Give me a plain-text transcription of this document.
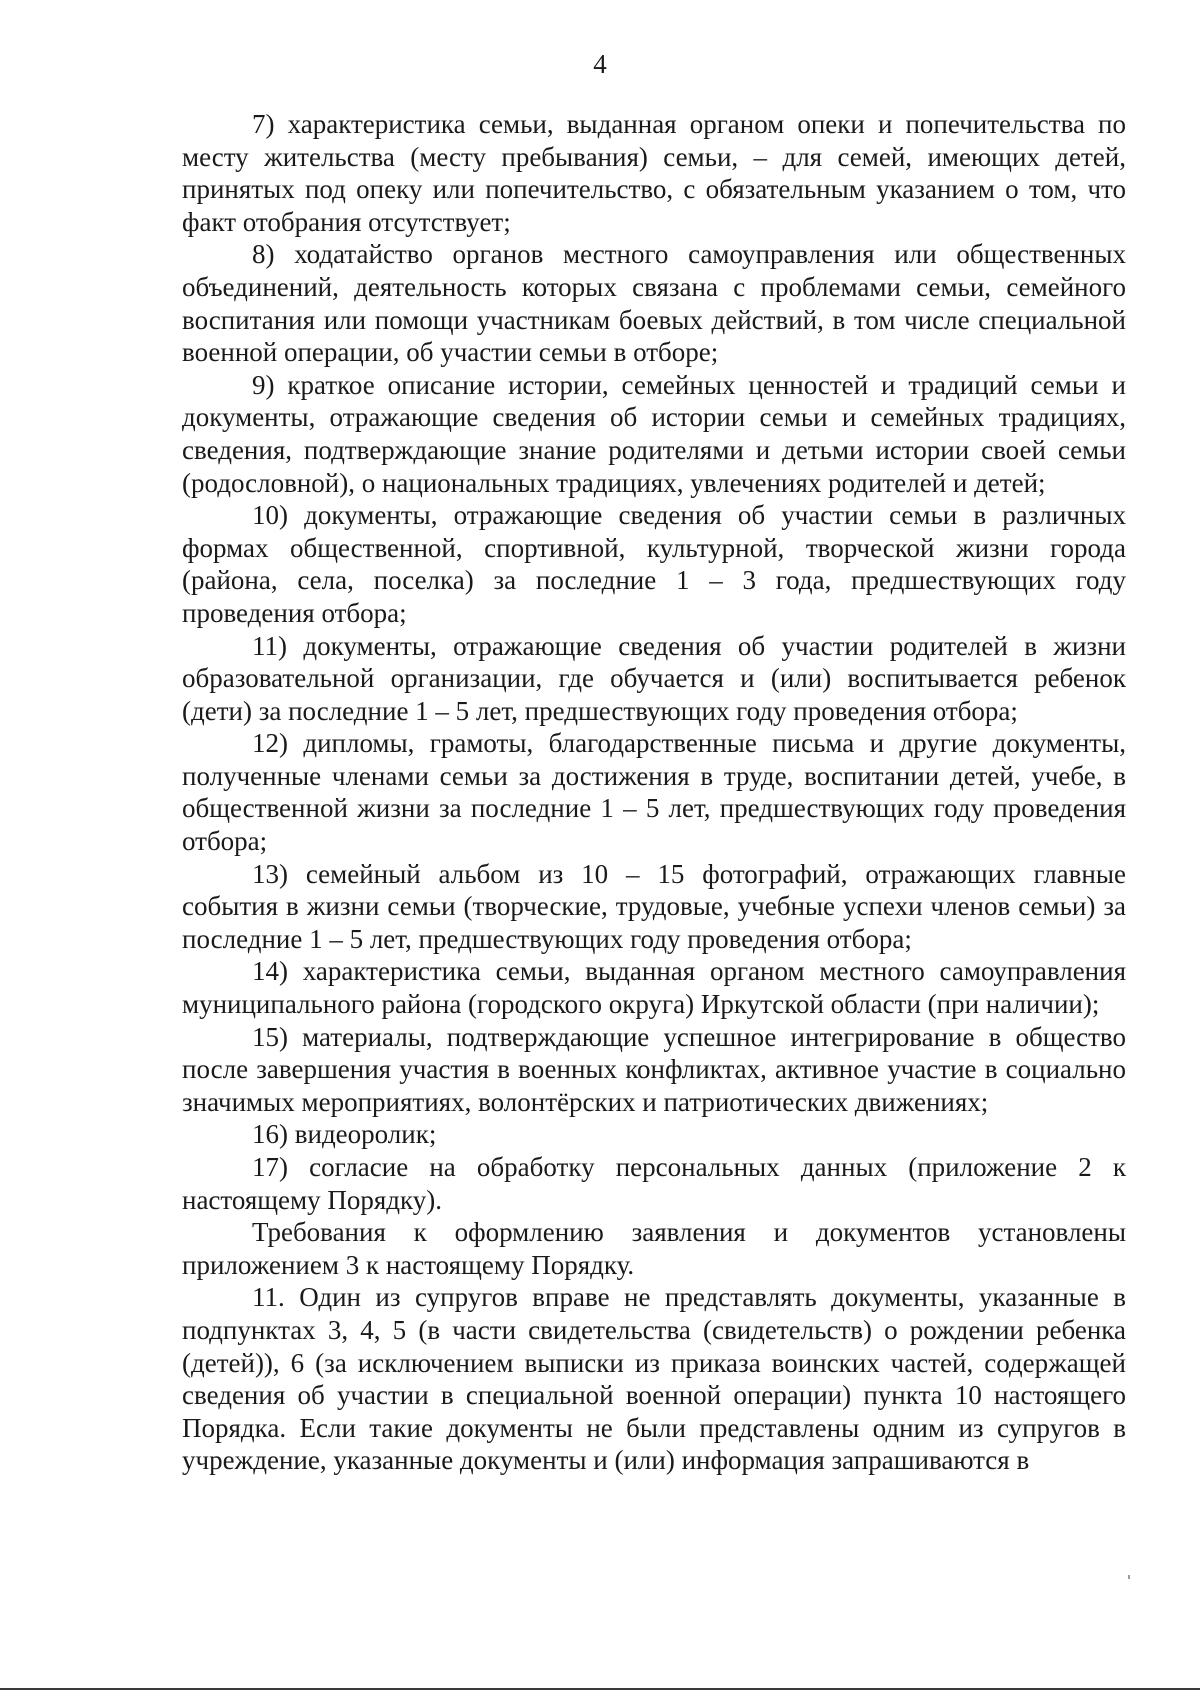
4

7) характеристика семьи, выданная органом опеки и попечительства по месту жительства (месту пребывания) семьи, – для семей, имеющих детей, принятых под опеку или попечительство, с обязательным указанием о том, что факт отобрания отсутствует;

8) ходатайство органов местного самоуправления или общественных объединений, деятельность которых связана с проблемами семьи, семейного воспитания или помощи участникам боевых действий, в том числе специальной военной операции, об участии семьи в отборе;

9) краткое описание истории, семейных ценностей и традиций семьи и документы, отражающие сведения об истории семьи и семейных традициях, сведения, подтверждающие знание родителями и детьми истории своей семьи (родословной), о национальных традициях, увлечениях родителей и детей;

10) документы, отражающие сведения об участии семьи в различных формах общественной, спортивной, культурной, творческой жизни города (района, села, поселка) за последние 1 – 3 года, предшествующих году проведения отбора;

11) документы, отражающие сведения об участии родителей в жизни образовательной организации, где обучается и (или) воспитывается ребенок (дети) за последние 1 – 5 лет, предшествующих году проведения отбора;

12) дипломы, грамоты, благодарственные письма и другие документы, полученные членами семьи за достижения в труде, воспитании детей, учебе, в общественной жизни за последние 1 – 5 лет, предшествующих году проведения отбора;

13) семейный альбом из 10 – 15 фотографий, отражающих главные события в жизни семьи (творческие, трудовые, учебные успехи членов семьи) за последние 1 – 5 лет, предшествующих году проведения отбора;

14) характеристика семьи, выданная органом местного самоуправления муниципального района (городского округа) Иркутской области (при наличии);

15) материалы, подтверждающие успешное интегрирование в общество после завершения участия в военных конфликтах, активное участие в социально значимых мероприятиях, волонтёрских и патриотических движениях;

16) видеоролик;

17) согласие на обработку персональных данных (приложение 2 к настоящему Порядку).

Требования к оформлению заявления и документов установлены приложением 3 к настоящему Порядку.

11. Один из супругов вправе не представлять документы, указанные в подпунктах 3, 4, 5 (в части свидетельства (свидетельств) о рождении ребенка (детей)), 6 (за исключением выписки из приказа воинских частей, содержащей сведения об участии в специальной военной операции) пункта 10 настоящего Порядка. Если такие документы не были представлены одним из супругов в учреждение, указанные документы и (или) информация запрашиваются в
